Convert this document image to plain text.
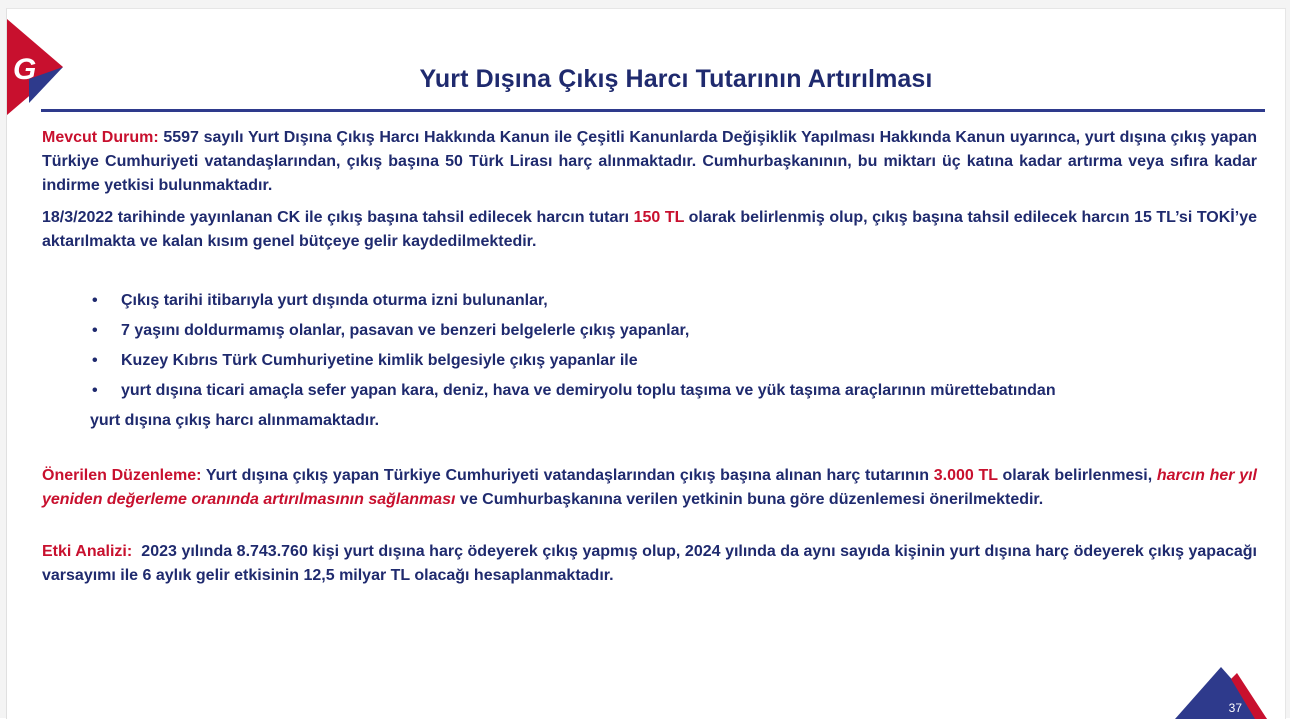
G	Yurt Dışına Çıkış Harcı Tutarının Artırılması

Mevcut Durum: 5597 sayılı Yurt Dışına Çıkış Harcı Hakkında Kanun ile Çeşitli Kanunlarda Değişiklik Yapılması Hakkında Kanun uyarınca, yurt dışına çıkış yapan Türkiye Cumhuriyeti vatandaşlarından, çıkış başına 50 Türk Lirası harç alınmaktadır. Cumhurbaşkanının, bu miktarı üç katına kadar artırma veya sıfıra kadar indirme yetkisi bulunmaktadır.

18/3/2022 tarihinde yayınlanan CK ile çıkış başına tahsil edilecek harcın tutarı 150 TL olarak belirlenmiş olup, çıkış başına tahsil edilecek harcın 15 TL’si TOKİ’ye aktarılmakta ve kalan kısım genel bütçeye gelir kaydedilmektedir.

• Çıkış tarihi itibarıyla yurt dışında oturma izni bulunanlar,
• 7 yaşını doldurmamış olanlar, pasavan ve benzeri belgelerle çıkış yapanlar,
• Kuzey Kıbrıs Türk Cumhuriyetine kimlik belgesiyle çıkış yapanlar ile
• yurt dışına ticari amaçla sefer yapan kara, deniz, hava ve demiryolu toplu taşıma ve yük taşıma araçlarının mürettebatından
yurt dışına çıkış harcı alınmamaktadır.

Önerilen Düzenleme: Yurt dışına çıkış yapan Türkiye Cumhuriyeti vatandaşlarından çıkış başına alınan harç tutarının 3.000 TL olarak belirlenmesi, harcın her yıl yeniden değerleme oranında artırılmasının sağlanması ve Cumhurbaşkanına verilen yetkinin buna göre düzenlemesi önerilmektedir.

Etki Analizi:  2023 yılında 8.743.760 kişi yurt dışına harç ödeyerek çıkış yapmış olup, 2024 yılında da aynı sayıda kişinin yurt dışına harç ödeyerek çıkış yapacağı varsayımı ile 6 aylık gelir etkisinin 12,5 milyar TL olacağı hesaplanmaktadır.

37
